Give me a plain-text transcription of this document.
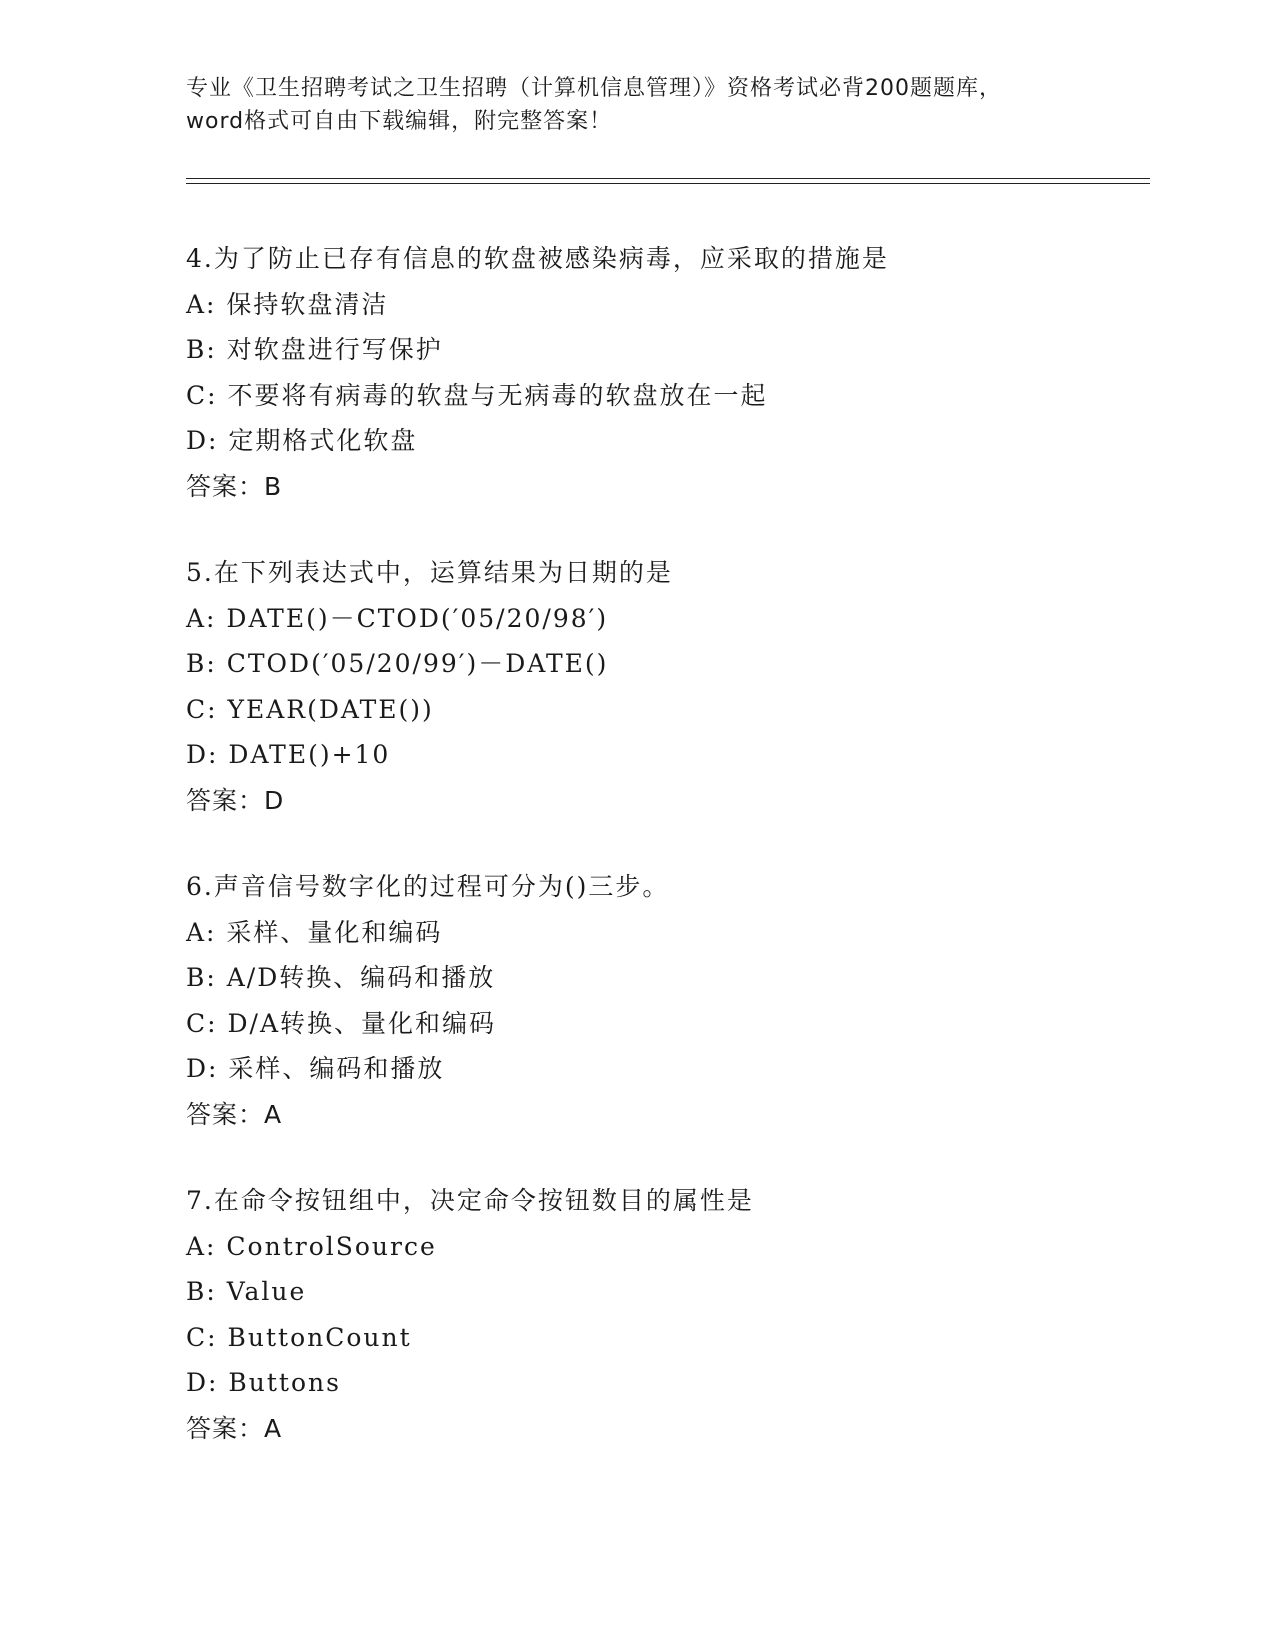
专业《卫生招聘考试之卫生招聘（计算机信息管理）》资格考试必背200题题库，
word格式可自由下载编辑，附完整答案！
4.为了防止已存有信息的软盘被感染病毒，应采取的措施是
A: 保持软盘清洁
B: 对软盘进行写保护
C: 不要将有病毒的软盘与无病毒的软盘放在一起
D: 定期格式化软盘
答案：B
5.在下列表达式中，运算结果为日期的是
A: DATE()－CTOD(′05/20/98′)
B: CTOD(′05/20/99′)－DATE()
C: YEAR(DATE())
D: DATE()+10
答案：D
6.声音信号数字化的过程可分为()三步。
A: 采样、量化和编码
B: A/D转换、编码和播放
C: D/A转换、量化和编码
D: 采样、编码和播放
答案：A
7.在命令按钮组中，决定命令按钮数目的属性是
A: ControlSource
B: Value
C: ButtonCount
D: Buttons
答案：A
